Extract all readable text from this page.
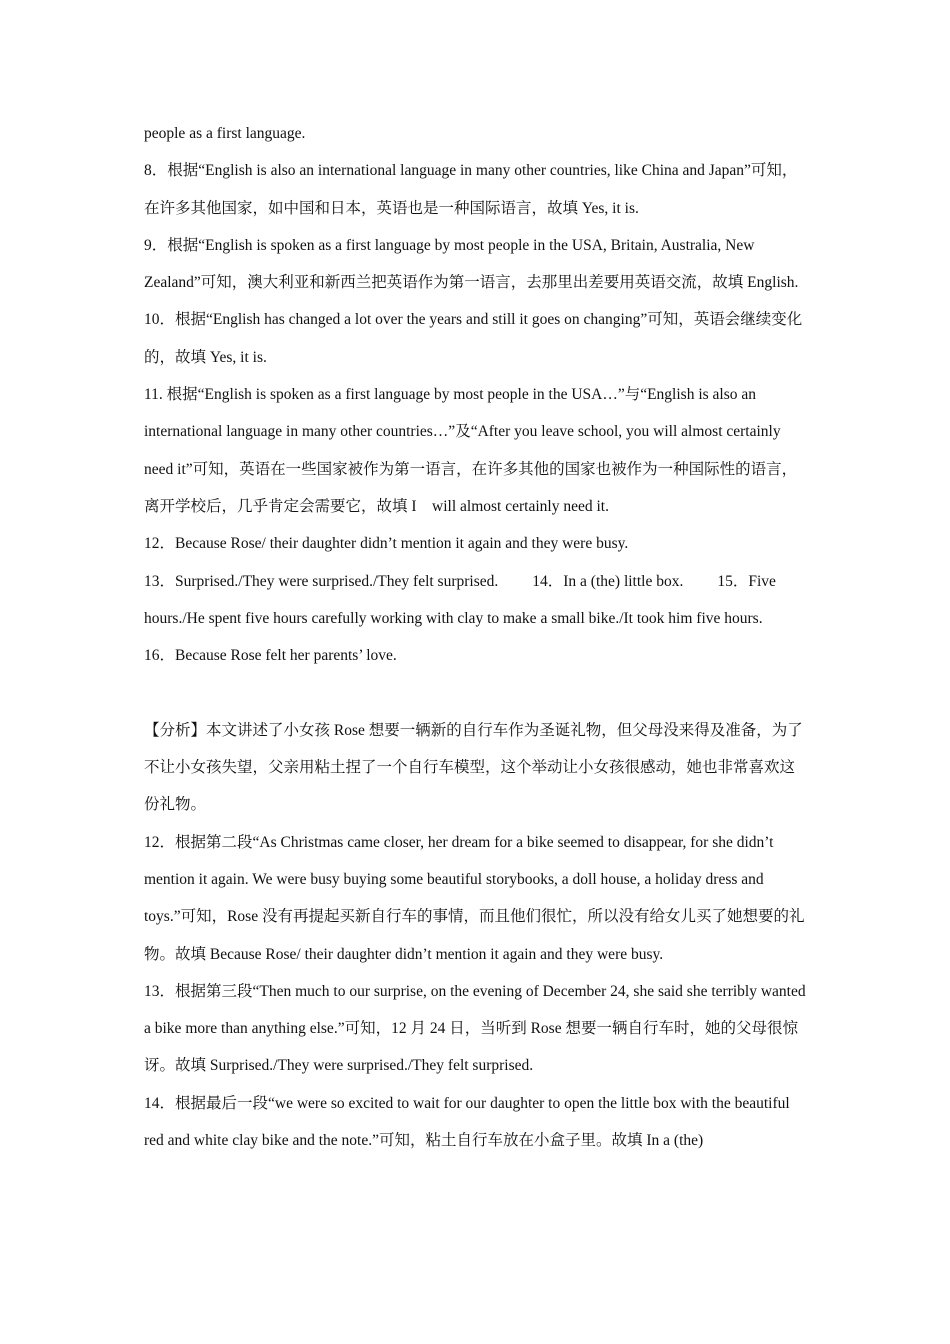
people as a first language.

8．根据“English is also an international language in many other countries, like China and Japan”可知，在许多其他国家，如中国和日本，英语也是一种国际语言，故填 Yes, it is.

9．根据“English is spoken as a first language by most people in the USA, Britain, Australia, New Zealand”可知，澳大利亚和新西兰把英语作为第一语言，去那里出差要用英语交流，故填 English.

10．根据“English has changed a lot over the years and still it goes on changing”可知，英语会继续变化的，故填 Yes, it is.

11. 根据“English is spoken as a first language by most people in the USA…”与“English is also an international language in many other countries…”及“After you leave school, you will almost certainly need it”可知，英语在一些国家被作为第一语言，在许多其他的国家也被作为一种国际性的语言，离开学校后，几乎肯定会需要它，故填 I　will almost certainly need it.

12．Because Rose/ their daughter didn’t mention it again and they were busy.

13．Surprised./They were surprised./They felt surprised. 14．In a (the) little box. 15．Five hours./He spent five hours carefully working with clay to make a small bike./It took him five hours.16．Because Rose felt her parents’ love.

【分析】本文讲述了小女孩 Rose 想要一辆新的自行车作为圣诞礼物，但父母没来得及准备，为了不让小女孩失望，父亲用粘土捏了一个自行车模型，这个举动让小女孩很感动，她也非常喜欢这份礼物。

12．根据第二段“As Christmas came closer, her dream for a bike seemed to disappear, for she didn’t mention it again. We were busy buying some beautiful storybooks, a doll house, a holiday dress and toys.”可知，Rose 没有再提起买新自行车的事情，而且他们很忙，所以没有给女儿买了她想要的礼物。故填 Because Rose/ their daughter didn’t mention it again and they were busy.

13．根据第三段“Then much to our surprise, on the evening of December 24, she said she terribly wanted a bike more than anything else.”可知，12 月 24 日，当听到 Rose 想要一辆自行车时，她的父母很惊讶。故填 Surprised./They were surprised./They felt surprised.

14．根据最后一段“we were so excited to wait for our daughter to open the little box with the beautiful red and white clay bike and the note.”可知，粘土自行车放在小盒子里。故填 In a (the)
